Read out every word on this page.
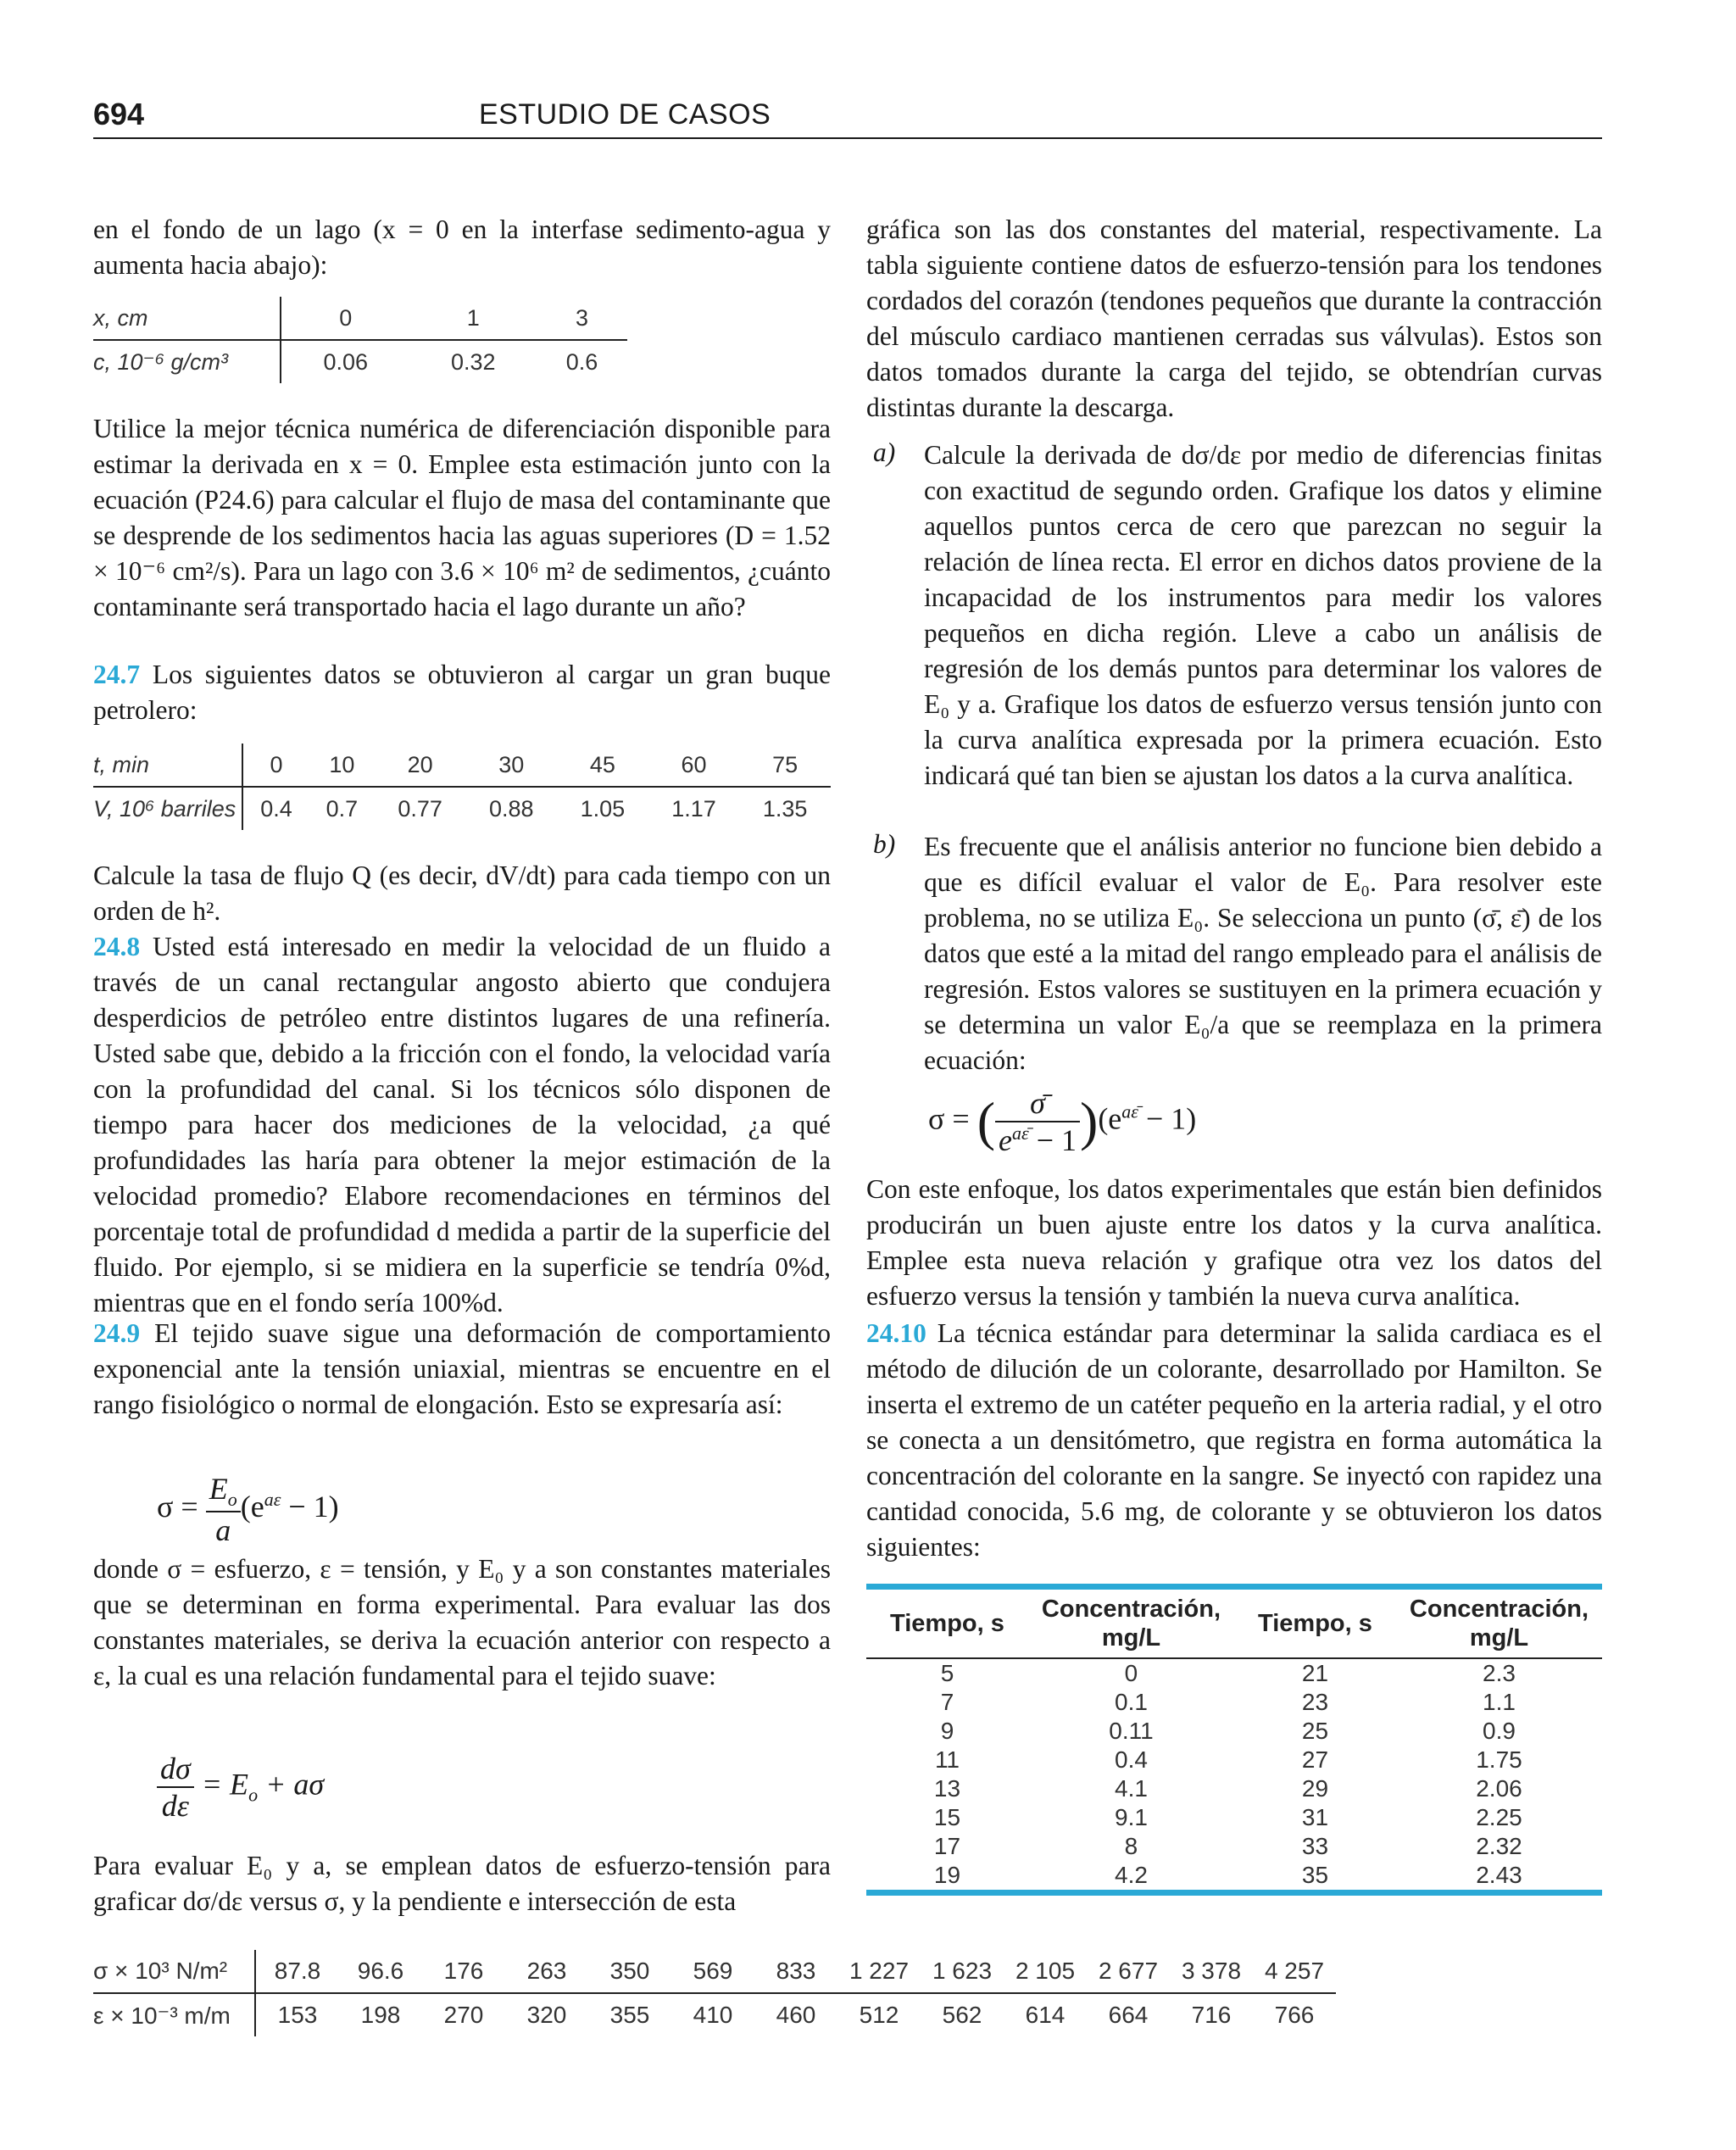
694	ESTUDIO DE CASOS
en el fondo de un lago (x = 0 en la interfase sedimento-agua y aumenta hacia abajo):
x, cm	0	1	3
c, 10⁻⁶ g/cm³	0.06	0.32	0.6
Utilice la mejor técnica numérica de diferenciación disponible para estimar la derivada en x = 0. Emplee esta estimación junto con la ecuación (P24.6) para calcular el flujo de masa del contaminante que se desprende de los sedimentos hacia las aguas superiores (D = 1.52 × 10⁻⁶ cm²/s). Para un lago con 3.6 × 10⁶ m² de sedimentos, ¿cuánto contaminante será transportado hacia el lago durante un año?
24.7 Los siguientes datos se obtuvieron al cargar un gran buque petrolero:
t, min	0	10	20	30	45	60	75
V, 10⁶ barriles	0.4	0.7	0.77	0.88	1.05	1.17	1.35
Calcule la tasa de flujo Q (es decir, dV/dt) para cada tiempo con un orden de h².
24.8 Usted está interesado en medir la velocidad de un fluido a través de un canal rectangular angosto abierto que condujera desperdicios de petróleo entre distintos lugares de una refinería. Usted sabe que, debido a la fricción con el fondo, la velocidad varía con la profundidad del canal. Si los técnicos sólo disponen de tiempo para hacer dos mediciones de la velocidad, ¿a qué profundidades las haría para obtener la mejor estimación de la velocidad promedio? Elabore recomendaciones en términos del porcentaje total de profundidad d medida a partir de la superficie del fluido. Por ejemplo, si se midiera en la superficie se tendría 0%d, mientras que en el fondo sería 100%d.
24.9 El tejido suave sigue una deformación de comportamiento exponencial ante la tensión uniaxial, mientras se encuentre en el rango fisiológico o normal de elongación. Esto se expresaría así:
$\sigma = \frac{E_o}{a} (e^{a\varepsilon} - 1)$
donde σ = esfuerzo, ε = tensión, y E₀ y a son constantes materiales que se determinan en forma experimental. Para evaluar las dos constantes materiales, se deriva la ecuación anterior con respecto a ε, la cual es una relación fundamental para el tejido suave:
$\frac{d\sigma}{d\varepsilon} = E_o + a\sigma$
Para evaluar E₀ y a, se emplean datos de esfuerzo-tensión para graficar dσ/dε versus σ, y la pendiente e intersección de esta
gráfica son las dos constantes del material, respectivamente. La tabla siguiente contiene datos de esfuerzo-tensión para los tendones cordados del corazón (tendones pequeños que durante la contracción del músculo cardiaco mantienen cerradas sus válvulas). Estos son datos tomados durante la carga del tejido, se obtendrían curvas distintas durante la descarga.
a) Calcule la derivada de dσ/dε por medio de diferencias finitas con exactitud de segundo orden. Grafique los datos y elimine aquellos puntos cerca de cero que parezcan no seguir la relación de línea recta. El error en dichos datos proviene de la incapacidad de los instrumentos para medir los valores pequeños en dicha región. Lleve a cabo un análisis de regresión de los demás puntos para determinar los valores de E₀ y a. Grafique los datos de esfuerzo versus tensión junto con la curva analítica expresada por la primera ecuación. Esto indicará qué tan bien se ajustan los datos a la curva analítica.
b) Es frecuente que el análisis anterior no funcione bien debido a que es difícil evaluar el valor de E₀. Para resolver este problema, no se utiliza E₀. Se selecciona un punto (σ̄, ε̄) de los datos que esté a la mitad del rango empleado para el análisis de regresión. Estos valores se sustituyen en la primera ecuación y se determina un valor E₀/a que se reemplaza en la primera ecuación:
σ = ( $\frac{\sigmā}{e^{a\varepsilon̄} - 1} )(e^{a\varepsilon̄} - 1)$
Con este enfoque, los datos experimentales que están bien definidos producirán un buen ajuste entre los datos y la curva analítica. Emplee esta nueva relación y grafique otra vez los datos del esfuerzo versus la tensión y también la nueva curva analítica.
24.10 La técnica estándar para determinar la salida cardiaca es el método de dilución de un colorante, desarrollado por Hamilton. Se inserta el extremo de un catéter pequeño en la arteria radial, y el otro se conecta a un densitómetro, que registra en forma automática la concentración del colorante en la sangre. Se inyectó con rapidez una cantidad conocida, 5.6 mg, de colorante y se obtuvieron los datos siguientes:
Tiempo, s	Concentración, mg/L	Tiempo, s	Concentración, mg/L
5	0	21	2.3
7	0.1	23	1.1
9	0.11	25	0.9
11	0.4	27	1.75
13	4.1	29	2.06
15	9.1	31	2.25
17	8	33	2.32
19	4.2	35	2.43
σ × 10³ N/m²	87.8	96.6	176	263	350	569	833	1 227	1 623	2 105	2 677	3 378	4 257
ε × 10⁻³ m/m	153	198	270	320	355	410	460	512	562	614	664	716	766
